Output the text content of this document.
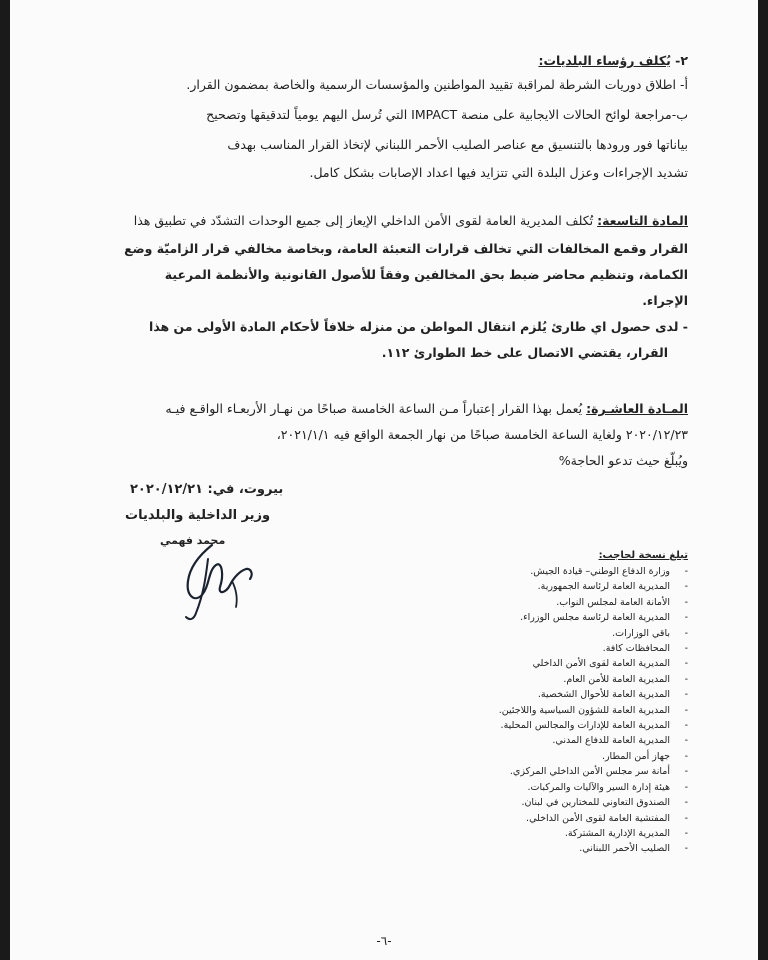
٢- يُكلف رؤساء البلديات:
أ- اطلاق دوريات الشرطة لمراقبة تقييد المواطنين والمؤسسات الرسمية والخاصة بمضمون القرار.
ب-مراجعة لوائح الحالات الايجابية على منصة IMPACT التي تُرسل اليهم يومياً لتدقيقها وتصحيح
بياناتها فور ورودها بالتنسيق مع عناصر الصليب الأحمر اللبناني لإتخاذ القرار المناسب بهدف
تشديد الإجراءات وعزل البلدة التي تتزايد فيها اعداد الإصابات بشكل كامل.
المادة التاسعة: تُكلف المديرية العامة لقوى الأمن الداخلي الإيعاز إلى جميع الوحدات التشدّد في تطبيق هذا
القرار وقمع المخالفات التي تخالف قرارات التعبئة العامة، وبخاصة مخالفي قرار الزاميّة وضع
الكمامة، وتنظيم محاضر ضبط بحق المخالفين وفقاً للأصول القانونية والأنظمة المرعية
الإجراء.
- لدى حصول اي طارئ يُلزم انتقال المواطن من منزله خلافاً لأحكام المادة الأولى من هذا
القرار، يقتضي الاتصال على خط الطوارئ ١١٢.
المـادة العاشـرة: يُعمل بهذا القرار إعتباراً مـن الساعة الخامسة صباحًا من نهـار الأربعـاء الواقـع فيـه
٢٠٢٠/١٢/٢٣ ولغاية الساعة الخامسة صباحًا من نهار الجمعة الواقع فيه ٢٠٢١/١/١،
ويُبلّغ حيث تدعو الحاجة%
بيروت، في: ٢٠٢٠/١٢/٢١
وزير الداخلية والبلديات
محمد فهمي
تبلغ نسخة لحاجب:
-
وزارة الدفاع الوطني– قيادة الجيش.
-
المديرية العامة لرئاسة الجمهورية.
-
الأمانة العامة لمجلس النواب.
-
المديرية العامة لرئاسة مجلس الوزراء.
-
باقي الوزارات.
-
المحافظات كافة.
-
المديرية العامة لقوى الأمن الداخلي
-
المديرية العامة للأمن العام.
-
المديرية العامة للأحوال الشخصية.
-
المديرية العامة للشؤون السياسية واللاجئين.
-
المديرية العامة للإدارات والمجالس المحلية.
-
المديرية العامة للدفاع المدني.
-
جهاز أمن المطار.
-
أمانة سر مجلس الأمن الداخلي المركزي.
-
هيئة إدارة السير والآليات والمركبات.
-
الصندوق التعاوني للمختارين في لبنان.
-
المفتشية العامة لقوى الأمن الداخلي.
-
المديرية الإدارية المشتركة.
-
الصليب الأحمر اللبناني.
-٦-
